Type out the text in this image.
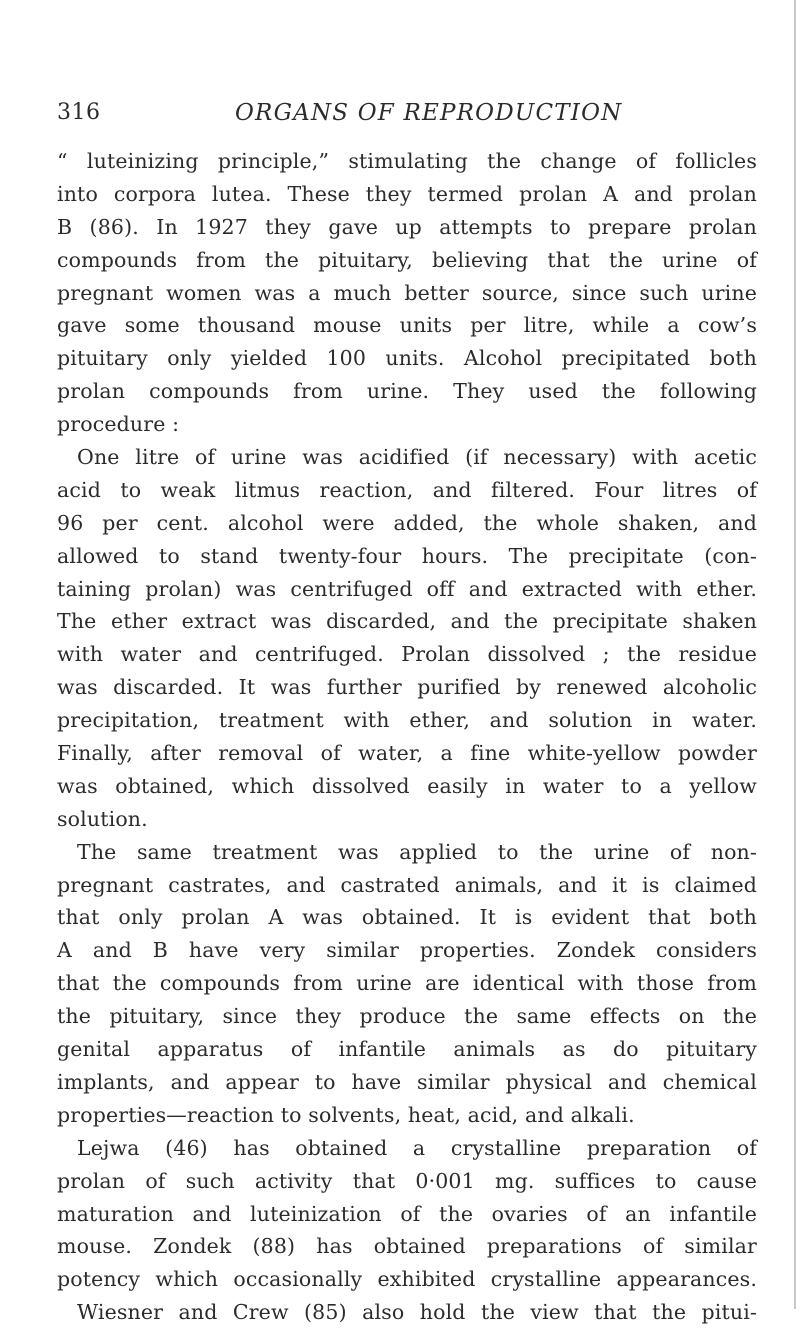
316	ORGANS OF REPRODUCTION
“ luteinizing principle,” stimulating the change of follicles
into corpora lutea. These they termed prolan A and prolan
B (86). In 1927 they gave up attempts to prepare prolan
compounds from the pituitary, believing that the urine of
pregnant women was a much better source, since such urine
gave some thousand mouse units per litre, while a cow’s
pituitary only yielded 100 units. Alcohol precipitated both
prolan compounds from urine. They used the following
procedure :
One litre of urine was acidified (if necessary) with acetic
acid to weak litmus reaction, and filtered. Four litres of
96 per cent. alcohol were added, the whole shaken, and
allowed to stand twenty-four hours. The precipitate (con-
taining prolan) was centrifuged off and extracted with ether.
The ether extract was discarded, and the precipitate shaken
with water and centrifuged. Prolan dissolved ; the residue
was discarded. It was further purified by renewed alcoholic
precipitation, treatment with ether, and solution in water.
Finally, after removal of water, a fine white-yellow powder
was obtained, which dissolved easily in water to a yellow
solution.
The same treatment was applied to the urine of non-
pregnant castrates, and castrated animals, and it is claimed
that only prolan A was obtained. It is evident that both
A and B have very similar properties. Zondek considers
that the compounds from urine are identical with those from
the pituitary, since they produce the same effects on the
genital apparatus of infantile animals as do pituitary
implants, and appear to have similar physical and chemical
properties—reaction to solvents, heat, acid, and alkali.
Lejwa (46) has obtained a crystalline preparation of
prolan of such activity that 0·001 mg. suffices to cause
maturation and luteinization of the ovaries of an infantile
mouse. Zondek (88) has obtained preparations of similar
potency which occasionally exhibited crystalline appearances.
Wiesner and Crew (85) also hold the view that the pitui-
